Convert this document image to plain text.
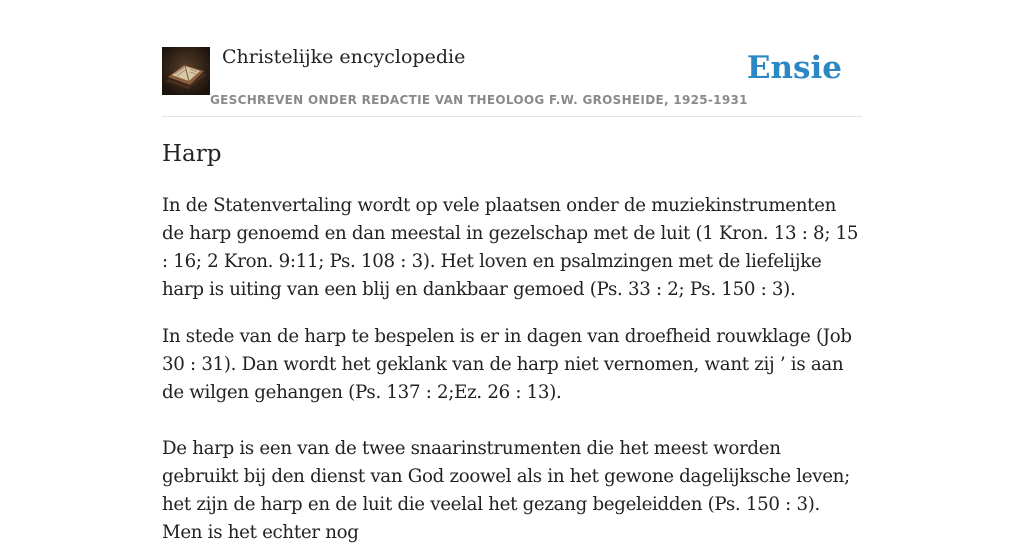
Christelijke encyclopedie
GESCHREVEN ONDER REDACTIE VAN THEOLOOG F.W. GROSHEIDE, 1925-1931
Ensie
Harp

In de Statenvertaling wordt op vele plaatsen onder de muziekinstrumenten de harp genoemd en dan meestal in gezelschap met de luit (1 Kron. 13 : 8; 15 : 16; 2 Kron. 9:11; Ps. 108 : 3). Het loven en psalmzingen met de liefelijke harp is uiting van een blij en dankbaar gemoed (Ps. 33 : 2; Ps. 150 : 3).

In stede van de harp te bespelen is er in dagen van droefheid rouwklage (Job 30 : 31). Dan wordt het geklank van de harp niet vernomen, want zij ’ is aan de wilgen gehangen (Ps. 137 : 2;Ez. 26 : 13).

De harp is een van de twee snaarinstrumenten die het meest worden gebruikt bij den dienst van God zoowel als in het gewone dagelijksche leven; het zijn de harp en de luit die veelal het gezang begeleidden (Ps. 150 : 3). Men is het echter nog
